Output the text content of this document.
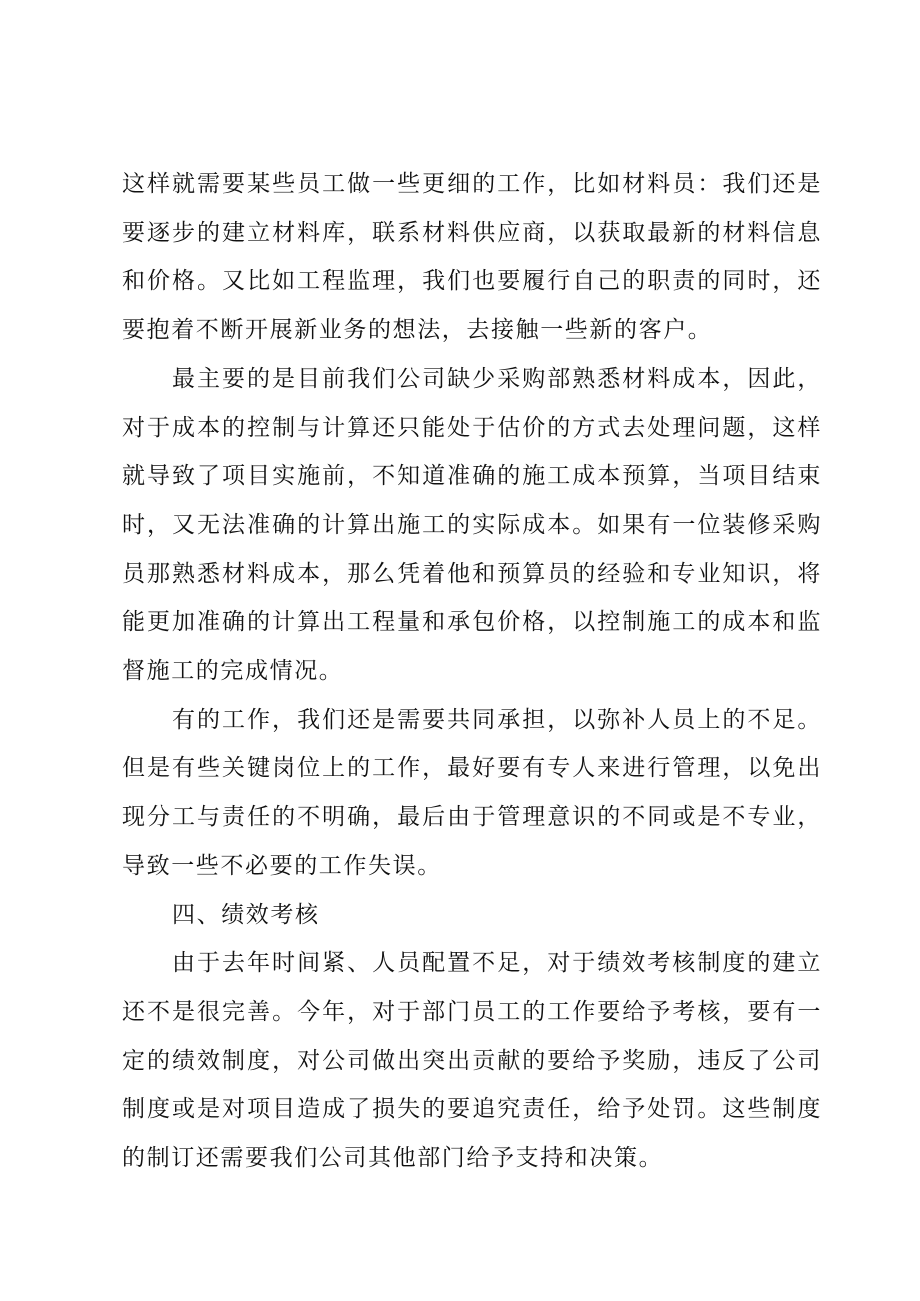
这样就需要某些员工做一些更细的工作，比如材料员：我们还是要逐步的建立材料库，联系材料供应商，以获取最新的材料信息和价格。又比如工程监理，我们也要履行自己的职责的同时，还要抱着不断开展新业务的想法，去接触一些新的客户。

最主要的是目前我们公司缺少采购部熟悉材料成本，因此，对于成本的控制与计算还只能处于估价的方式去处理问题，这样就导致了项目实施前，不知道准确的施工成本预算，当项目结束时，又无法准确的计算出施工的实际成本。如果有一位装修采购员那熟悉材料成本，那么凭着他和预算员的经验和专业知识，将能更加准确的计算出工程量和承包价格，以控制施工的成本和监督施工的完成情况。

有的工作，我们还是需要共同承担，以弥补人员上的不足。但是有些关键岗位上的工作，最好要有专人来进行管理，以免出现分工与责任的不明确，最后由于管理意识的不同或是不专业，导致一些不必要的工作失误。

四、绩效考核

由于去年时间紧、人员配置不足，对于绩效考核制度的建立还不是很完善。今年，对于部门员工的工作要给予考核，要有一定的绩效制度，对公司做出突出贡献的要给予奖励，违反了公司制度或是对项目造成了损失的要追究责任，给予处罚。这些制度的制订还需要我们公司其他部门给予支持和决策。
